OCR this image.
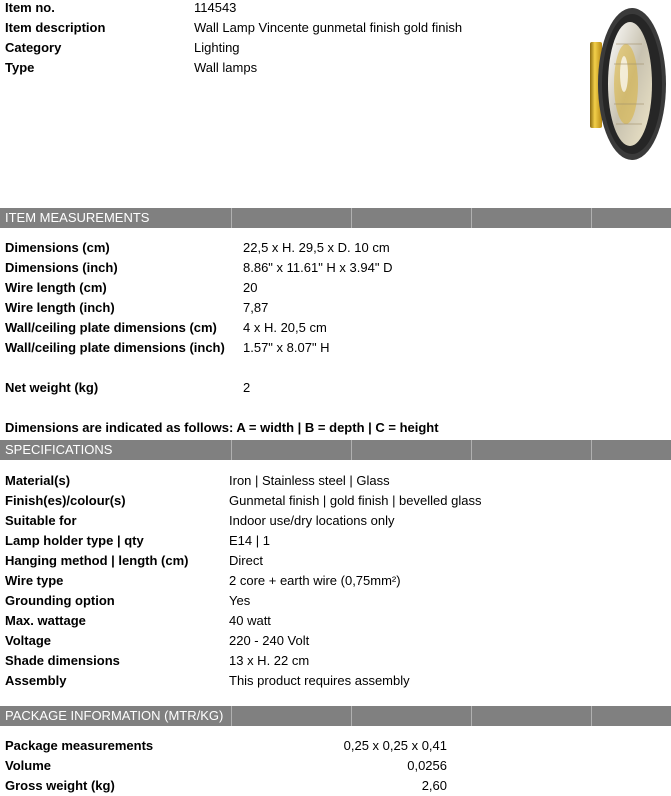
Item no.	114543
Item description	Wall Lamp Vincente gunmetal finish gold finish
Category	Lighting
Type	Wall lamps
ITEM MEASUREMENTS
Dimensions (cm)	22,5 x H. 29,5 x D. 10 cm
Dimensions (inch)	8.86" x 11.61" H x 3.94" D
Wire length (cm)	20
Wire length (inch)	7,87
Wall/ceiling plate dimensions (cm) 4 x H. 20,5 cm
Wall/ceiling plate dimensions (inch) 1.57" x 8.07" H
Net weight (kg)	2
Dimensions are indicated as follows: A = width | B = depth | C = height
SPECIFICATIONS
Material(s)	Iron | Stainless steel | Glass
Finish(es)/colour(s)	Gunmetal finish | gold finish | bevelled glass
Suitable for	Indoor use/dry locations only
Lamp holder type | qty	E14 | 1
Hanging method | length (cm)	Direct
Wire type	2 core + earth wire (0,75mm²)
Grounding option	Yes
Max. wattage	40 watt
Voltage	220 - 240 Volt
Shade dimensions	13 x H. 22 cm
Assembly	This product requires assembly
PACKAGE INFORMATION (MTR/KG)
Package measurements	0,25 x 0,25 x 0,41
Volume	0,0256
Gross weight (kg)	2,60
